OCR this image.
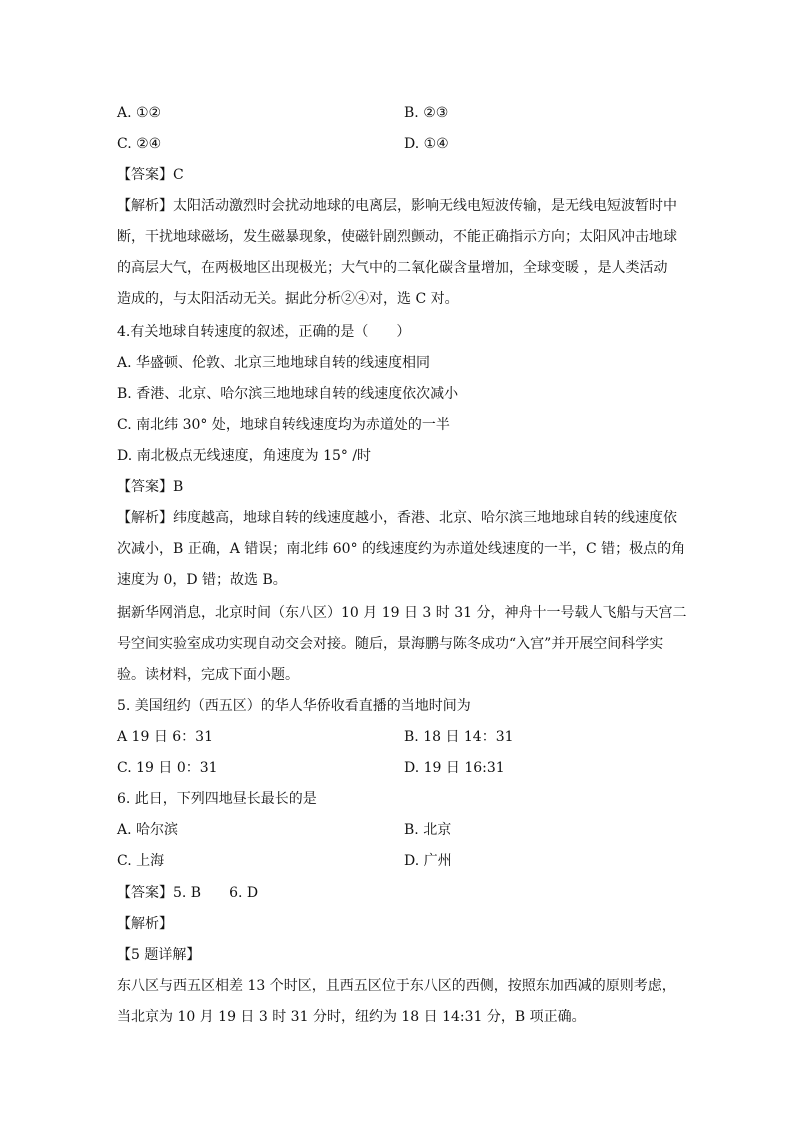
A. ①②	B. ②③
C. ②④	D. ①④
【答案】C
【解析】太阳活动激烈时会扰动地球的电离层，影响无线电短波传输，是无线电短波暂时中
断，干扰地球磁场，发生磁暴现象，使磁针剧烈颤动，不能正确指示方向；太阳风冲击地球
的高层大气，在两极地区出现极光；大气中的二氧化碳含量增加，全球变暖 ，是人类活动
造成的，与太阳活动无关。据此分析②④对，选 C 对。
4.有关地球自转速度的叙述，正确的是（　　）
A. 华盛顿、伦敦、北京三地地球自转的线速度相同
B. 香港、北京、哈尔滨三地地球自转的线速度依次减小
C. 南北纬 30° 处，地球自转线速度均为赤道处的一半
D. 南北极点无线速度，角速度为 15° /时
【答案】B
【解析】纬度越高，地球自转的线速度越小，香港、北京、哈尔滨三地地球自转的线速度依
次减小，B 正确，A 错误；南北纬 60° 的线速度约为赤道处线速度的一半，C 错；极点的角
速度为 0，D 错；故选 B。
据新华网消息，北京时间（东八区）10 月 19 日 3 时 31 分，神舟十一号载人飞船与天宫二
号空间实验室成功实现自动交会对接。随后，景海鹏与陈冬成功“入宫”并开展空间科学实
验。读材料，完成下面小题。
5. 美国纽约（西五区）的华人华侨收看直播的当地时间为
A 19 日 6：31	B. 18 日 14：31
C. 19 日 0：31	D. 19 日 16:31
6. 此日，下列四地昼长最长的是
A. 哈尔滨	B. 北京
C. 上海	D. 广州
【答案】5. B　　6. D
【解析】
【5 题详解】
东八区与西五区相差 13 个时区，且西五区位于东八区的西侧，按照东加西减的原则考虑，
当北京为 10 月 19 日 3 时 31 分时，纽约为 18 日 14:31 分，B 项正确。
